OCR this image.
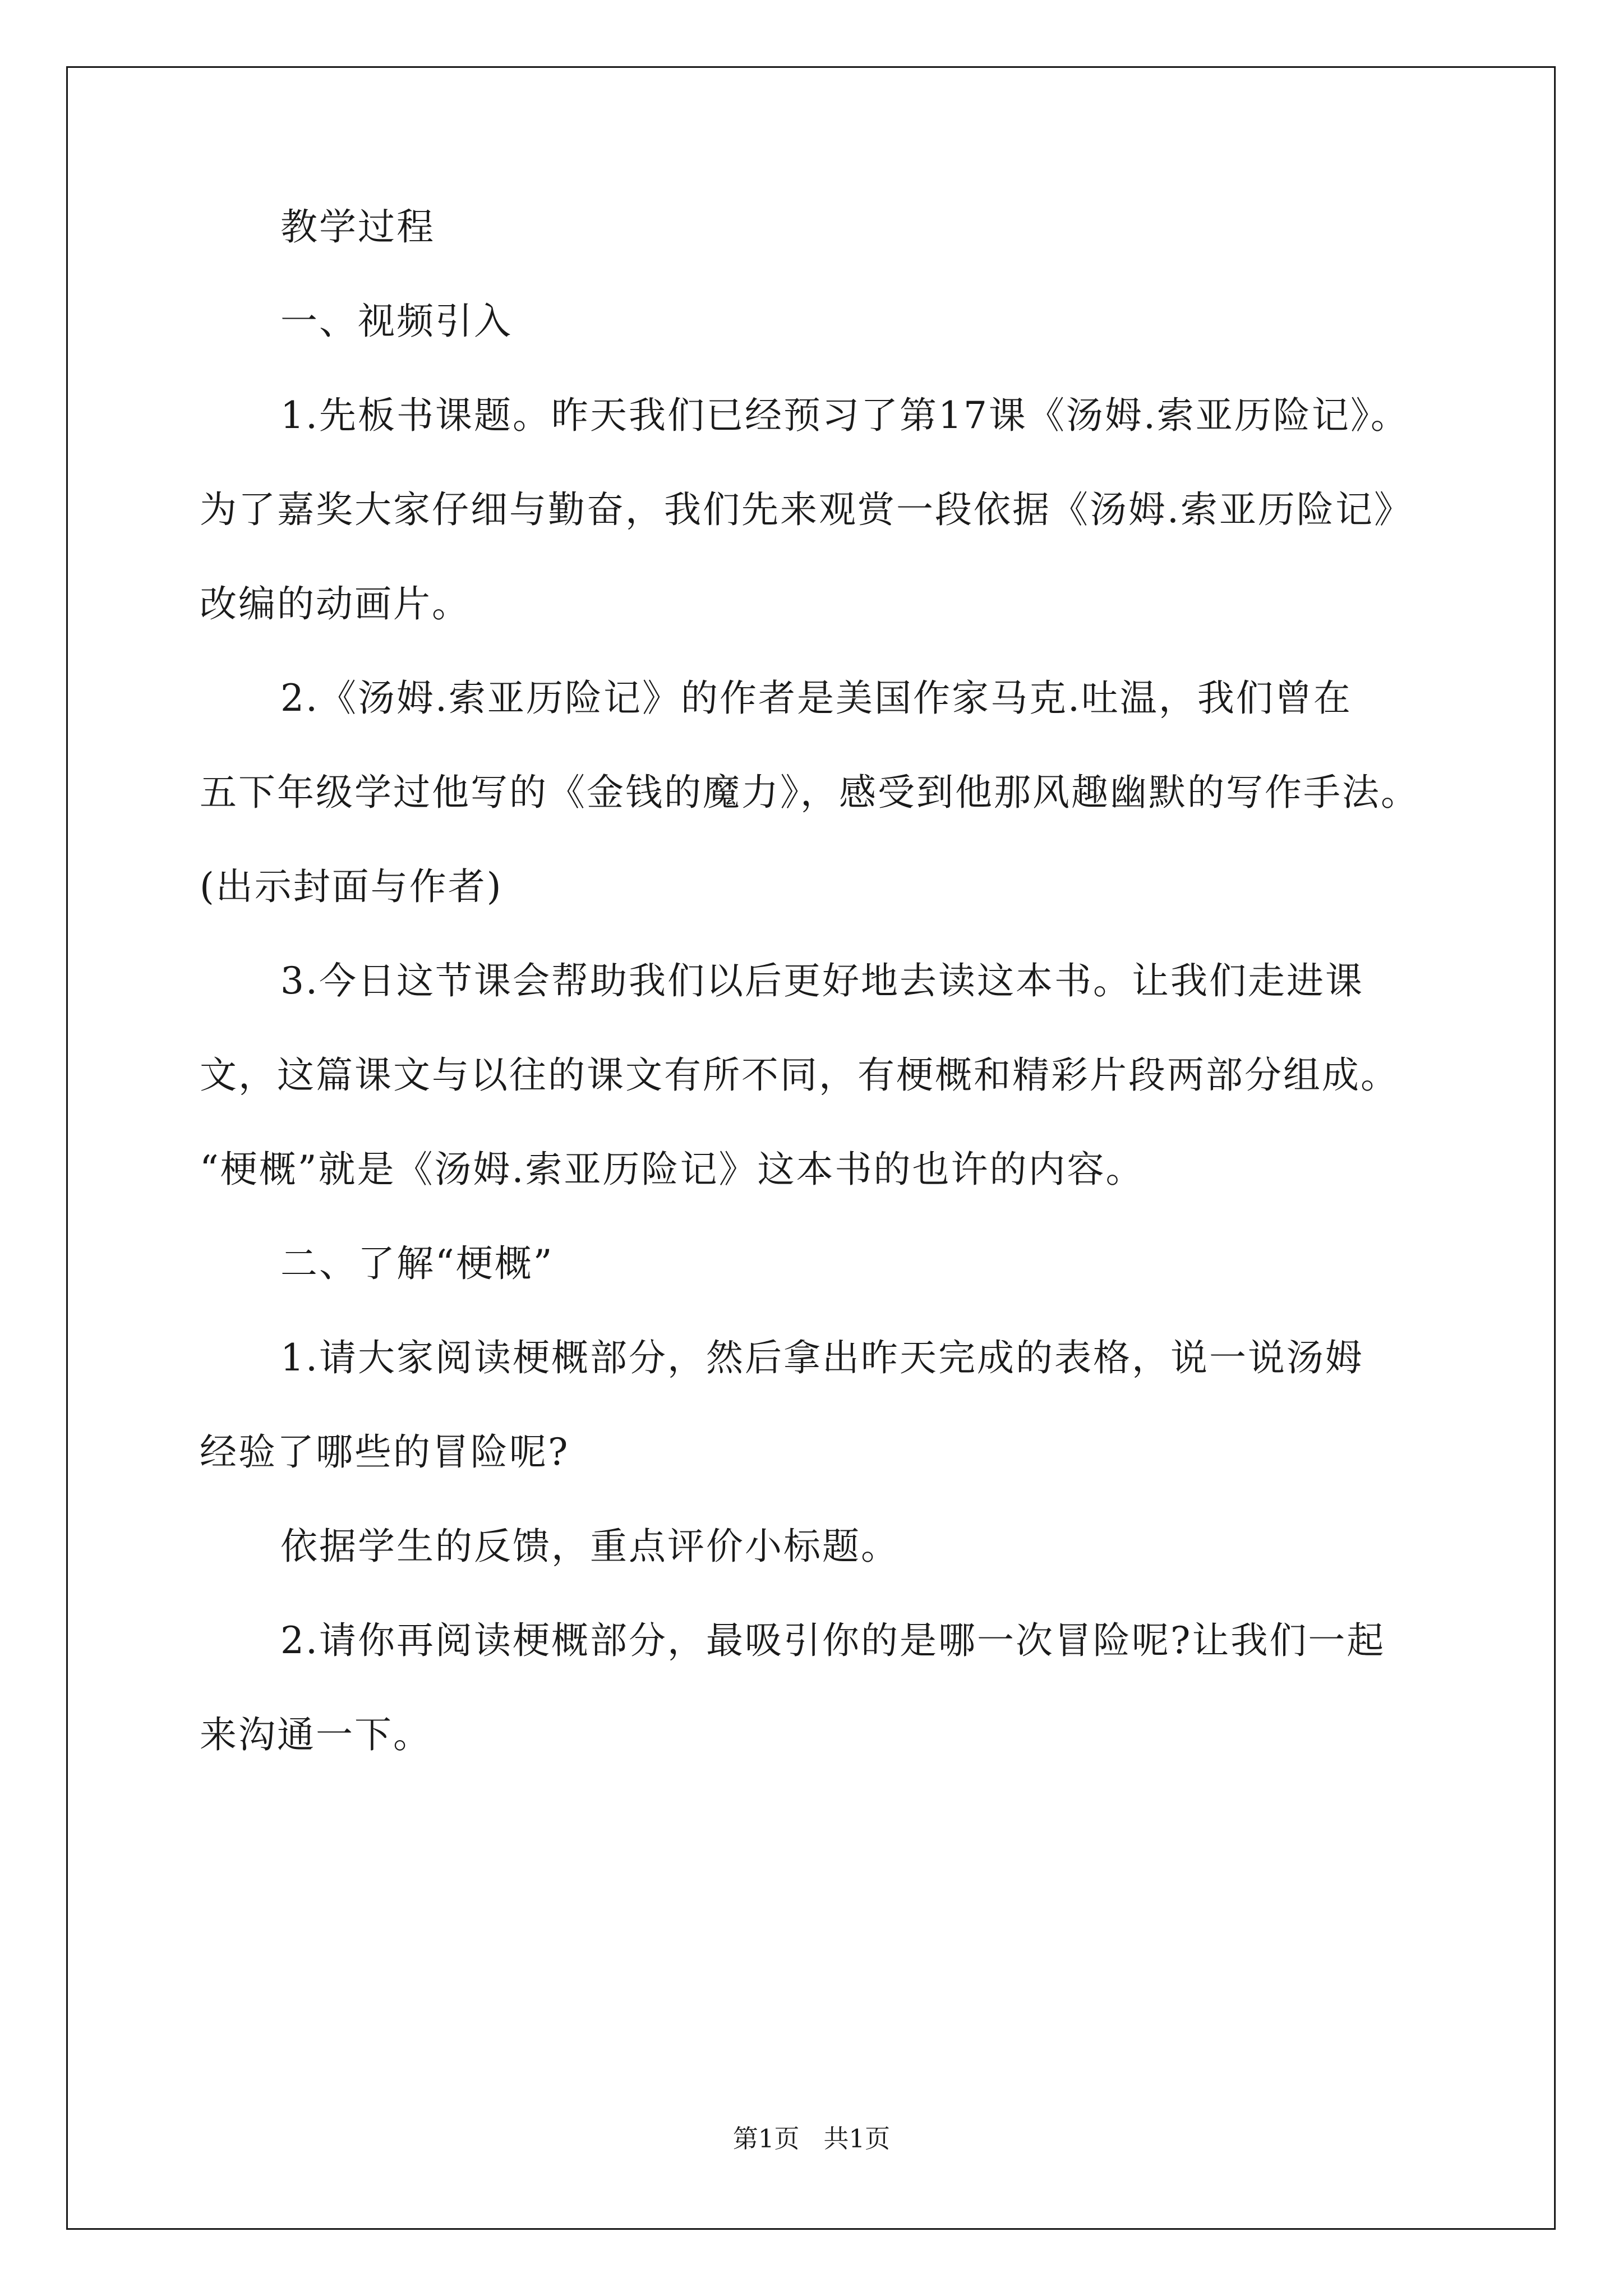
教学过程

一、视频引入

1.先板书课题。昨天我们已经预习了第17课《汤姆.索亚历险记》。

为了嘉奖大家仔细与勤奋，我们先来观赏一段依据《汤姆.索亚历险记》

改编的动画片。

2.《汤姆.索亚历险记》的作者是美国作家马克.吐温，我们曾在

五下年级学过他写的《金钱的魔力》，感受到他那风趣幽默的写作手法。

(出示封面与作者)

3.今日这节课会帮助我们以后更好地去读这本书。让我们走进课

文，这篇课文与以往的课文有所不同，有梗概和精彩片段两部分组成。

“梗概”就是《汤姆.索亚历险记》这本书的也许的内容。

二、了解“梗概”

1.请大家阅读梗概部分，然后拿出昨天完成的表格，说一说汤姆

经验了哪些的冒险呢?

依据学生的反馈，重点评价小标题。

2.请你再阅读梗概部分，最吸引你的是哪一次冒险呢?让我们一起

来沟通一下。

第1页   共1页
